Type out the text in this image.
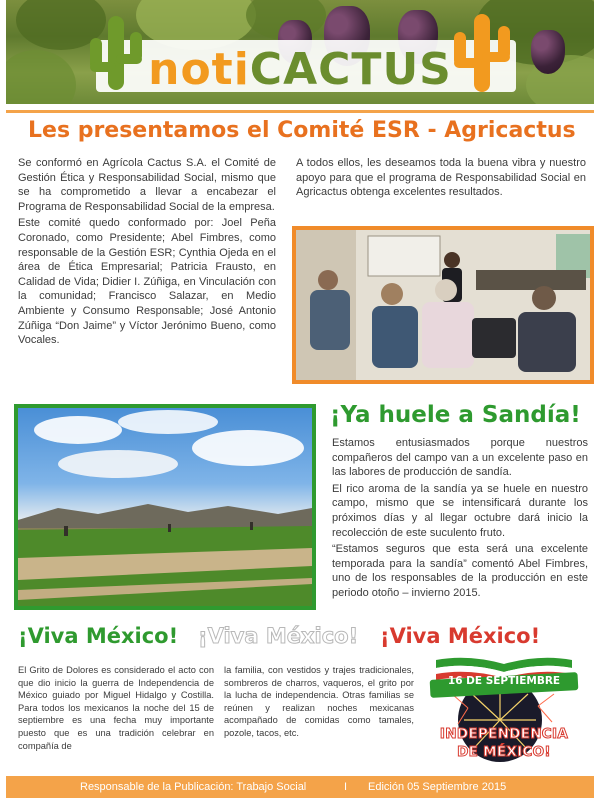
notiCACTUS
Les presentamos el Comité ESR - Agricactus

Se conformó en Agrícola Cactus S.A. el Comité de Gestión Ética y Responsabilidad Social, mismo que se ha comprometido a llevar a encabezar el Programa de Responsabilidad Social de la empresa.

Este comité quedo conformado por: Joel Peña Coronado, como Presidente; Abel Fimbres, como responsable de la Gestión ESR; Cynthia Ojeda en el área de Ética Empresarial; Patricia Frausto, en Calidad de Vida; Didier I. Zúñiga, en Vinculación con la comunidad; Francisco Salazar, en Medio Ambiente y Consumo Responsable; José Antonio Zúñiga “Don Jaime” y Víctor Jerónimo Bueno, como Vocales.

A todos ellos, les deseamos toda la buena vibra y nuestro apoyo para que el programa de Responsabilidad Social en Agricactus obtenga excelentes resultados.

¡Ya huele a Sandía!

Estamos entusiasmados porque nuestros compañeros del campo van a un excelente paso en las labores de producción de sandía.

El rico aroma de la sandía ya se huele en nuestro campo, mismo que se intensificará durante los próximos días y al llegar octubre dará inicio la recolección de este suculento fruto.

“Estamos seguros que esta será una excelente temporada para la sandía” comentó Abel Fimbres, uno de los responsables de la producción en este periodo otoño – invierno 2015.

¡Viva México! ¡Viva México! ¡Viva México!

El Grito de Dolores es considerado el acto con que dio inicio la guerra de Independencia de México guiado por Miguel Hidalgo y Costilla. Para todos los mexicanos la noche del 15 de septiembre es una fecha muy importante puesto que es una tradición celebrar en compañía de

la familia, con vestidos y trajes tradicionales, sombreros de charros, vaqueros, el grito por la lucha de independencia. Otras familias se reúnen y realizan noches mexicanas acompañado de comidas como tamales, pozole, tacos, etc.

16 DE SEPTIEMBRE
INDEPENDENCIA
DE MÉXICO!
Responsable de la Publicación: Trabajo Social	I Edición 05 Septiembre 2015
